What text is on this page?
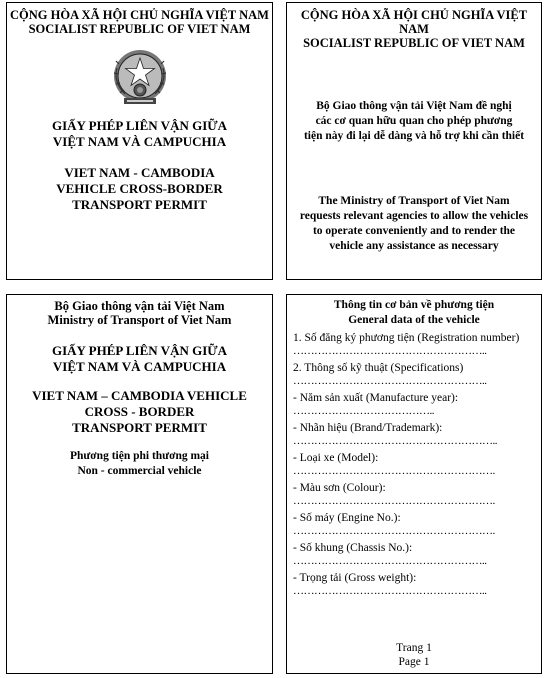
CỘNG HÒA XÃ HỘI CHỦ NGHĨA VIỆT NAM
SOCIALIST REPUBLIC OF VIET NAM
GIẤY PHÉP LIÊN VẬN GIỮA
VIỆT NAM VÀ CAMPUCHIA
VIET NAM - CAMBODIA
VEHICLE CROSS-BORDER
TRANSPORT PERMIT
CỘNG HÒA XÃ HỘI CHỦ NGHĨA VIỆT NAM
SOCIALIST REPUBLIC OF VIET NAM
Bộ Giao thông vận tải Việt Nam đề nghị
các cơ quan hữu quan cho phép phương
tiện này đi lại dễ dàng và hỗ trợ khi cần thiết
The Ministry of Transport of Viet Nam
requests relevant agencies to allow the vehicles
to operate conveniently and to render the
vehicle any assistance as necessary
Bộ Giao thông vận tải Việt Nam
Ministry of Transport of Viet Nam
GIẤY PHÉP LIÊN VẬN GIỮA
VIỆT NAM VÀ CAMPUCHIA
VIET NAM – CAMBODIA VEHICLE
CROSS - BORDER
TRANSPORT PERMIT
Phương tiện phi thương mại
Non - commercial vehicle
Thông tin cơ bản về phương tiện
General data of the vehicle
1. Số đăng ký phương tiện (Registration number)
………………………………………………..
2. Thông số kỹ thuật (Specifications)
………………………………………………..
- Năm sản xuất (Manufacture year):
…………………………………..
- Nhãn hiệu (Brand/Trademark):
…………………………………………………..
- Loại xe (Model):
………………………………………………….
- Màu sơn (Colour):
………………………………………………….
- Số máy (Engine No.):
………………………………………………….
- Số khung (Chassis No.):
………………………………………………..
- Trọng tải (Gross weight):
………………………………………………..
Trang 1
Page 1
